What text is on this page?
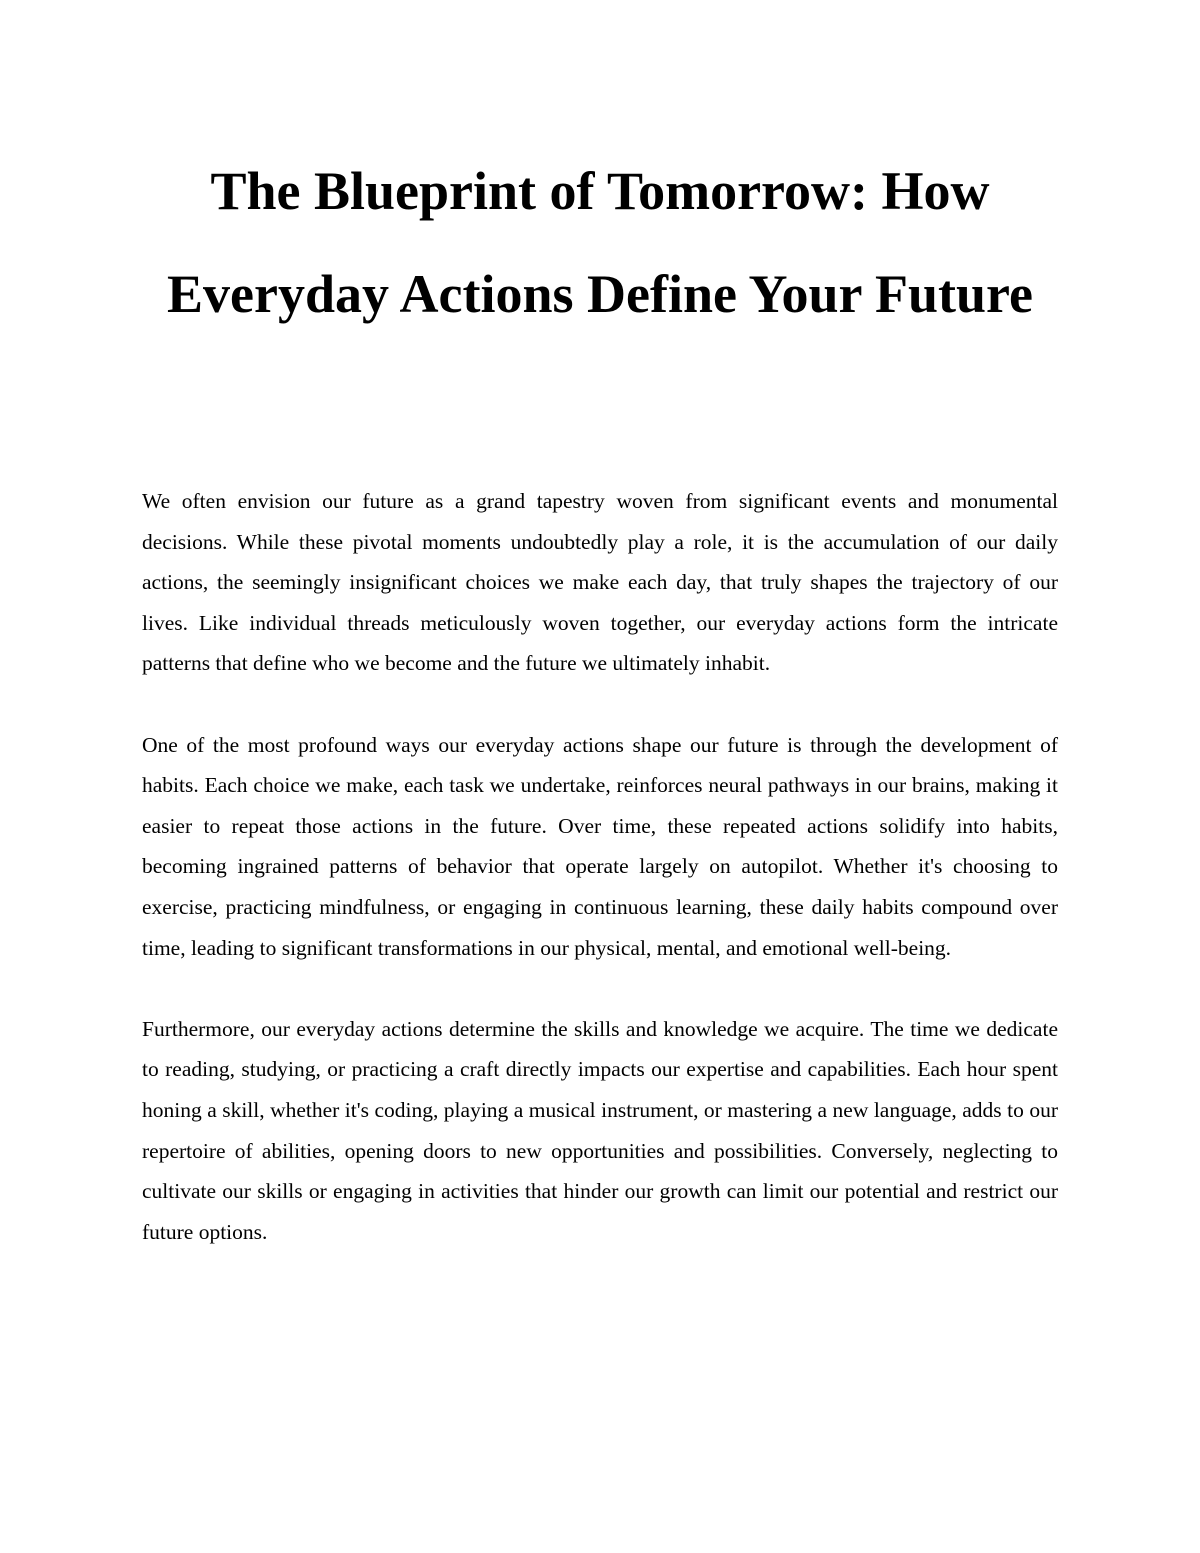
The Blueprint of Tomorrow: How Everyday Actions Define Your Future

We often envision our future as a grand tapestry woven from significant events and monumental decisions. While these pivotal moments undoubtedly play a role, it is the accumulation of our daily actions, the seemingly insignificant choices we make each day, that truly shapes the trajectory of our lives. Like individual threads meticulously woven together, our everyday actions form the intricate patterns that define who we become and the future we ultimately inhabit.

One of the most profound ways our everyday actions shape our future is through the development of habits. Each choice we make, each task we undertake, reinforces neural pathways in our brains, making it easier to repeat those actions in the future. Over time, these repeated actions solidify into habits, becoming ingrained patterns of behavior that operate largely on autopilot. Whether it's choosing to exercise, practicing mindfulness, or engaging in continuous learning, these daily habits compound over time, leading to significant transformations in our physical, mental, and emotional well-being.

Furthermore, our everyday actions determine the skills and knowledge we acquire. The time we dedicate to reading, studying, or practicing a craft directly impacts our expertise and capabilities. Each hour spent honing a skill, whether it's coding, playing a musical instrument, or mastering a new language, adds to our repertoire of abilities, opening doors to new opportunities and possibilities. Conversely, neglecting to cultivate our skills or engaging in activities that hinder our growth can limit our potential and restrict our future options.
